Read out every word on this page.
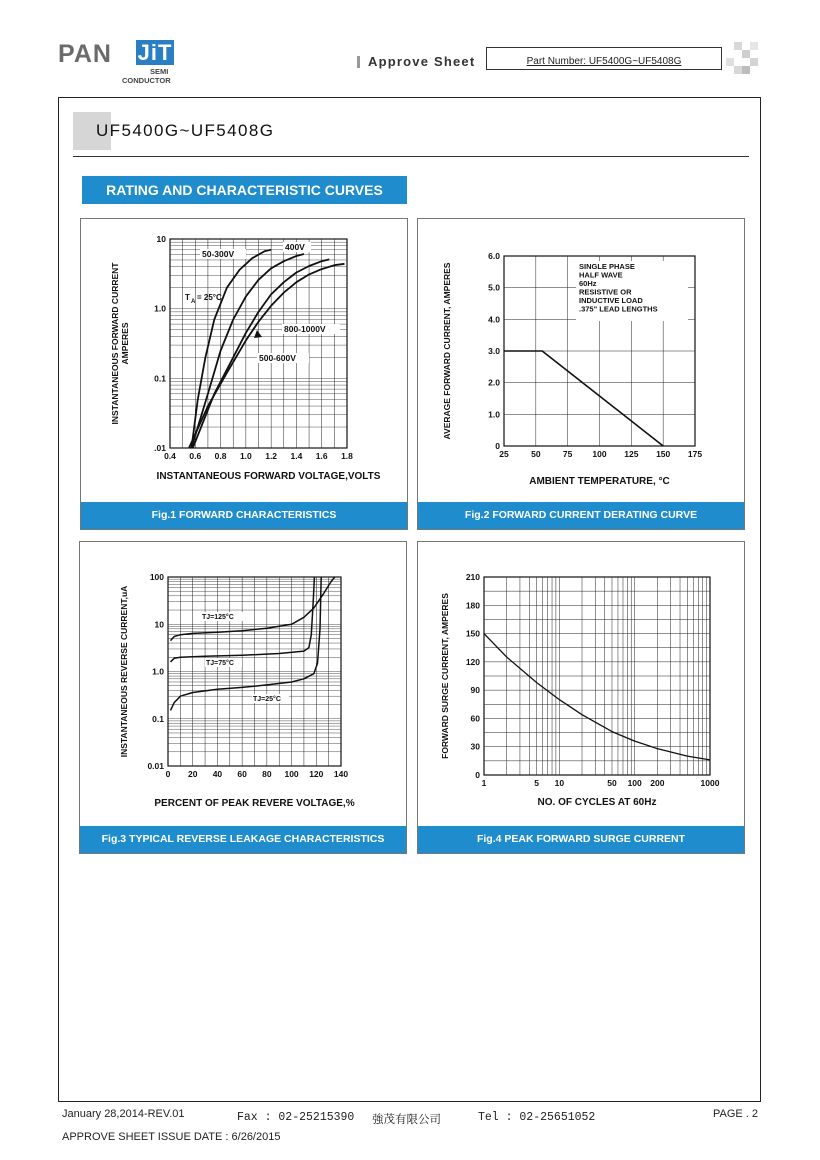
PAN JiT
SEMI
CONDUCTOR
Approve Sheet	Part Number: UF5400G~UF5408G
UF5400G~UF5408G
RATING AND CHARACTERISTIC CURVES
0.4 0.6 0.8 1.0 1.2 1.4 1.6 1.8
.01
0.1
1.0
10
INSTANTANEOUS FORWARD VOLTAGE,VOLTS
INSTANTANEOUS FORWARD CURRENT AMPERES
50-300V
400V
800-1000V
500-600V
T A = 25°C
Fig.1 FORWARD CHARACTERISTICS
25	50	75 100 125 150 175
0
1.0
2.0
3.0
4.0
5.0
6.0
AMBIENT TEMPERATURE, °C
AVERAGE FORWARD CURRENT, AMPERES	SINGLE PHASE
HALF WAVE
60Hz
RESISTIVE OR
INDUCTIVE LOAD
.375" LEAD LENGTHS
Fig.2 FORWARD CURRENT DERATING CURVE
0 20 40 60 80 100 120 140
0.01
0.1
1.0
10
100
PERCENT OF PEAK REVERE VOLTAGE,%
INSTANTANEOUS REVERSE CURRENT,uA	TJ=125°C
TJ=75°C
TJ=25°C
Fig.3 TYPICAL REVERSE LEAKAGE CHARACTERISTICS
1	5 10	50 100 200	1000
0
30
60
90
120
150
180
210
NO. OF CYCLES AT 60Hz
FORWARD SURGE CURRENT, AMPERES
Fig.4 PEAK FORWARD SURGE CURRENT
January 28,2014-REV.01	Fax : 02-25215390 強茂有限公司	Tel : 02-25651052	PAGE . 2
APPROVE SHEET ISSUE DATE : 6/26/2015
